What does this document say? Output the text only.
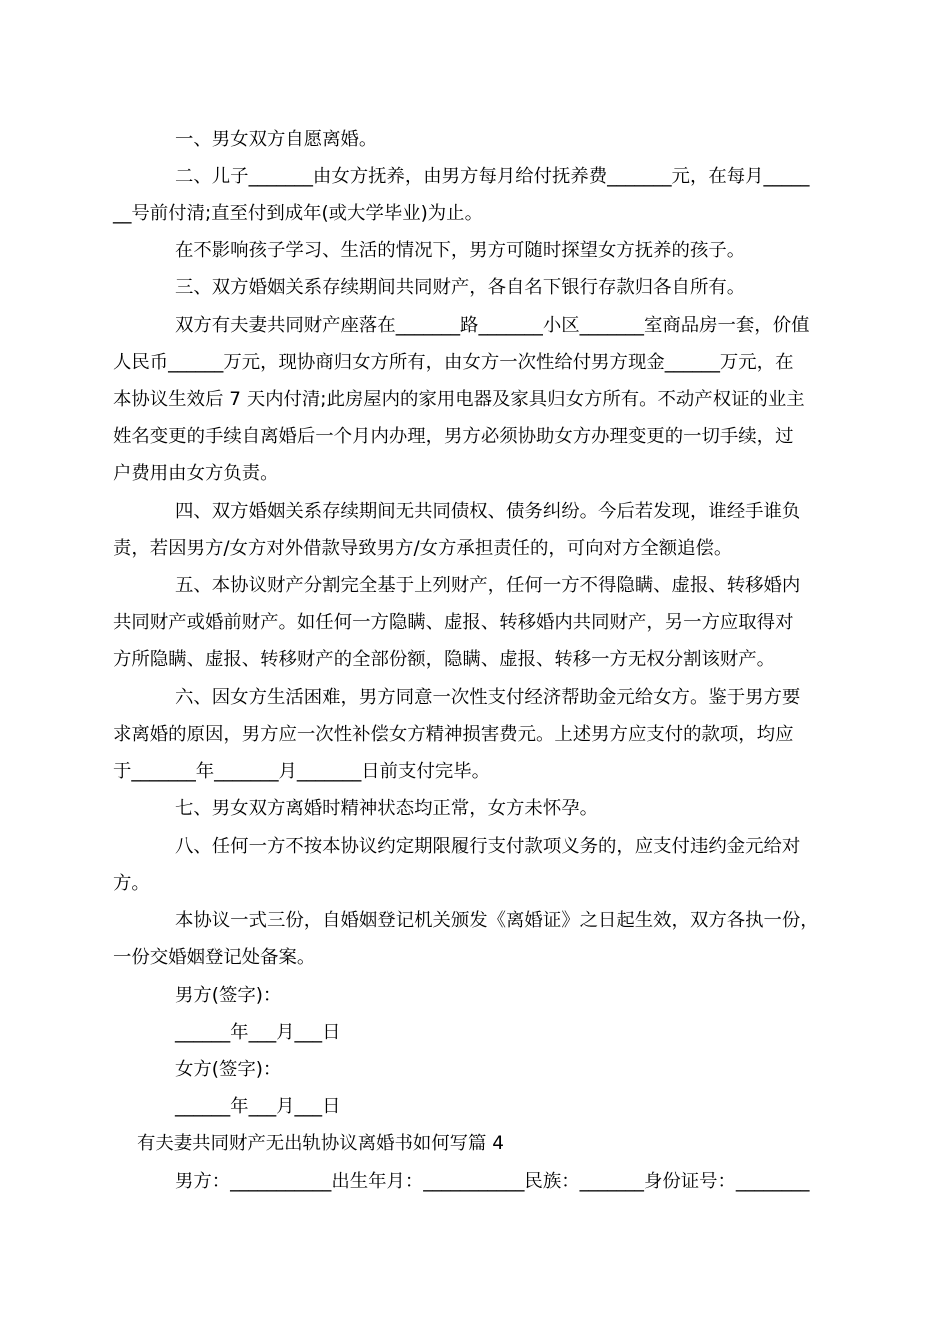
一、男女双方自愿离婚。
二、儿子_______由女方抚养，由男方每月给付抚养费_______元，在每月_____
__号前付清;直至付到成年(或大学毕业)为止。
在不影响孩子学习、生活的情况下，男方可随时探望女方抚养的孩子。
三、双方婚姻关系存续期间共同财产，各自名下银行存款归各自所有。
双方有夫妻共同财产座落在_______路_______小区_______室商品房一套，价值
人民币______万元，现协商归女方所有，由女方一次性给付男方现金______万元，在
本协议生效后 7 天内付清;此房屋内的家用电器及家具归女方所有。不动产权证的业主
姓名变更的手续自离婚后一个月内办理，男方必须协助女方办理变更的一切手续，过
户费用由女方负责。
四、双方婚姻关系存续期间无共同债权、债务纠纷。今后若发现，谁经手谁负
责，若因男方/女方对外借款导致男方/女方承担责任的，可向对方全额追偿。
五、本协议财产分割完全基于上列财产，任何一方不得隐瞒、虚报、转移婚内
共同财产或婚前财产。如任何一方隐瞒、虚报、转移婚内共同财产，另一方应取得对
方所隐瞒、虚报、转移财产的全部份额，隐瞒、虚报、转移一方无权分割该财产。
六、因女方生活困难，男方同意一次性支付经济帮助金元给女方。鉴于男方要
求离婚的原因，男方应一次性补偿女方精神损害费元。上述男方应支付的款项，均应
于_______年_______月_______日前支付完毕。
七、男女双方离婚时精神状态均正常，女方未怀孕。
八、任何一方不按本协议约定期限履行支付款项义务的，应支付违约金元给对
方。
本协议一式三份，自婚姻登记机关颁发《离婚证》之日起生效，双方各执一份，
一份交婚姻登记处备案。
男方(签字)：
______年___月___日
女方(签字)：
______年___月___日
有夫妻共同财产无出轨协议离婚书如何写篇 4
男方：___________出生年月：___________民族：_______身份证号：________
